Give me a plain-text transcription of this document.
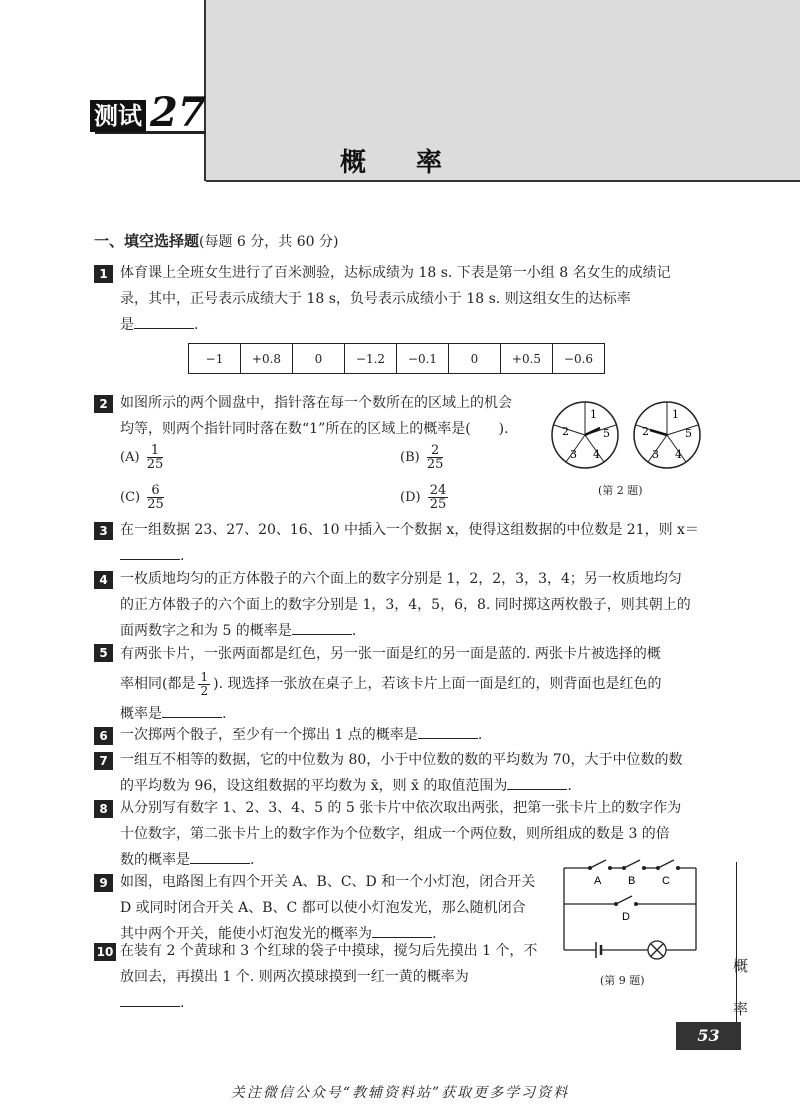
测试 27
概率
一、填空选择题(每题 6 分，共 60 分)
1 体育课上全班女生进行了百米测验，达标成绩为 18 s. 下表是第一小组 8 名女生的成绩记
录，其中，正号表示成绩大于 18 s，负号表示成绩小于 18 s. 则这组女生的达标率
是	.
−1	+0.8	0	−1.2	−0.1	0	+0.5	−0.6
2 如图所示的两个圆盘中，指针落在每一个数所在的区域上的机会
均等，则两个指针同时落在数“1”所在的区域上的概率是(　　).
$(A) \frac{1}{25}$	$(B) \frac{2}{25}$
$(C) \frac{6}{25}$	$(D) \frac{24}{25}$
1
2
3 4
5
1
2
3 4
5
(第 2 题)
3 在一组数据 23、27、20、16、10 中插入一个数据 x，使得这组数据的中位数是 21，则 x＝
.
4 一枚质地均匀的正方体骰子的六个面上的数字分别是 1，2，2，3，3，4；另一枚质地均匀
的正方体骰子的六个面上的数字分别是 1，3，4，5，6，8. 同时掷这两枚骰子，则其朝上的
面两数字之和为 5 的概率是	.
5 有两张卡片，一张两面都是红色，另一张一面是红的另一面是蓝的. 两张卡片被选择的概
率相同(都是 $\frac{1}{2}$ ). 现选择一张放在桌子上，若该卡片上面一面是红的，则背面也是红色的
概率是	.
6 一次掷两个骰子，至少有一个掷出 1 点的概率是	.
7 一组互不相等的数据，它的中位数为 80，小于中位数的数的平均数为 70，大于中位数的数
的平均数为 96，设这组数据的平均数为 x̄，则 x̄ 的取值范围为	.
8 从分别写有数字 1、2、3、4、5 的 5 张卡片中依次取出两张，把第一张卡片上的数字作为
十位数字，第二张卡片上的数字作为个位数字，组成一个两位数，则所组成的数是 3 的倍
数的概率是	.
9 如图，电路图上有四个开关 A、B、C、D 和一个小灯泡，闭合开关
D 或同时闭合开关 A、B、C 都可以使小灯泡发光，那么随机闭合
其中两个开关，能使小灯泡发光的概率为	.
A B C
D
(第 9 题)
10 在装有 2 个黄球和 3 个红球的袋子中摸球，搅匀后先摸出 1 个，不
放回去，再摸出 1 个. 则两次摸球摸到一红一黄的概率为
.
概
率
53
关注微信公众号“教辅资料站”获取更多学习资料
